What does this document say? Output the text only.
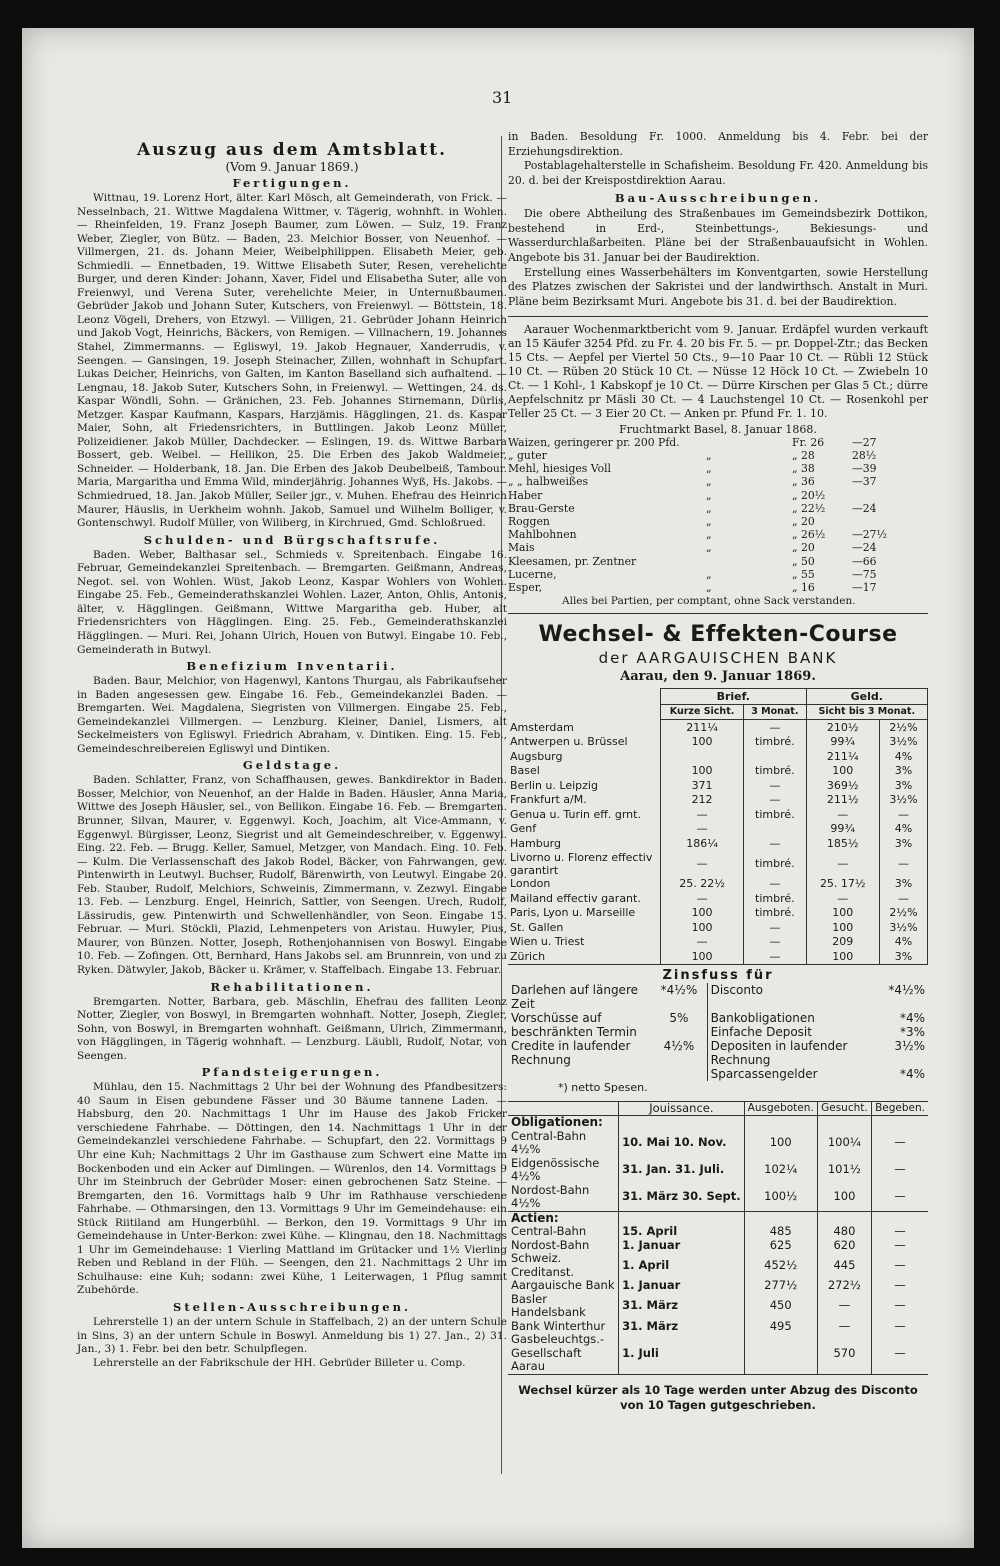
31

Auszug aus dem Amtsblatt.

(Vom 9. Januar 1869.)

Fertigungen.

Wittnau, 19. Lorenz Hort, älter. Karl Mösch, alt Gemeinderath, von Frick. — Nesselnbach, 21. Wittwe Magdalena Wittmer, v. Tägerig, wohnhft. in Wohlen. — Rheinfelden, 19. Franz Joseph Baumer, zum Löwen. — Sulz, 19. Franz Weber, Ziegler, von Bütz. — Baden, 23. Melchior Bosser, von Neuenhof. — Villmergen, 21. ds. Johann Meier, Weibelphilippen. Elisabeth Meier, geb. Schmiedli. — Ennetbaden, 19. Wittwe Elisabeth Suter, Resen, verehelichte Burger, und deren Kinder: Johann, Xaver, Fidel und Elisabetha Suter, alle von Freienwyl, und Verena Suter, verehelichte Meier, in Unternußbaumen. Gebrüder Jakob und Johann Suter, Kutschers, von Freienwyl. — Böttstein, 18. Leonz Vögeli, Drehers, von Etzwyl. — Villigen, 21. Gebrüder Johann Heinrich und Jakob Vogt, Heinrichs, Bäckers, von Remigen. — Villnachern, 19. Johannes Stahel, Zimmermanns. — Egliswyl, 19. Jakob Hegnauer, Xanderrudis, v. Seengen. — Gansingen, 19. Joseph Steinacher, Zillen, wohnhaft in Schupfart. Lukas Deicher, Heinrichs, von Galten, im Kanton Baselland sich aufhaltend. — Lengnau, 18. Jakob Suter, Kutschers Sohn, in Freienwyl. — Wettingen, 24. ds. Kaspar Wöndli, Sohn. — Gränichen, 23. Feb. Johannes Stirnemann, Dürlis, Metzger. Kaspar Kaufmann, Kaspars, Harzjämis. Hägglingen, 21. ds. Kaspar Maier, Sohn, alt Friedensrichters, in Buttlingen. Jakob Leonz Müller, Polizeidiener. Jakob Müller, Dachdecker. — Eslingen, 19. ds. Wittwe Barbara Bossert, geb. Weibel. — Hellikon, 25. Die Erben des Jakob Waldmeier, Schneider. — Holderbank, 18. Jan. Die Erben des Jakob Deubelbeiß, Tambour. Maria, Margaritha und Emma Wild, minderjährig. Johannes Wyß, Hs. Jakobs. — Schmiedrued, 18. Jan. Jakob Müller, Seiler jgr., v. Muhen. Ehefrau des Heinrich Maurer, Häuslis, in Uerkheim wohnh. Jakob, Samuel und Wilhelm Bolliger, v. Gontenschwyl. Rudolf Müller, von Wiliberg, in Kirchrued, Gmd. Schloßrued.

Schulden- und Bürgschaftsrufe.

Baden. Weber, Balthasar sel., Schmieds v. Spreitenbach. Eingabe 16. Februar, Gemeindekanzlei Spreitenbach. — Bremgarten. Geißmann, Andreas, Negot. sel. von Wohlen. Wüst, Jakob Leonz, Kaspar Wohlers von Wohlen. Eingabe 25. Feb., Gemeinderathskanzlei Wohlen. Lazer, Anton, Ohlis, Antonis, älter, v. Hägglingen. Geißmann, Wittwe Margaritha geb. Huber, alt Friedensrichters von Hägglingen. Eing. 25. Feb., Gemeinderathskanzlei Hägglingen. — Muri. Rei, Johann Ulrich, Houen von Butwyl. Eingabe 10. Feb., Gemeinderath in Butwyl.

Benefizium Inventarii.

Baden. Baur, Melchior, von Hagenwyl, Kantons Thurgau, als Fabrikaufseher in Baden angesessen gew. Eingabe 16. Feb., Gemeindekanzlei Baden. — Bremgarten. Wei. Magdalena, Siegristen von Villmergen. Eingabe 25. Feb., Gemeindekanzlei Villmergen. — Lenzburg. Kleiner, Daniel, Lismers, alt Seckelmeisters von Egliswyl. Friedrich Abraham, v. Dintiken. Eing. 15. Feb., Gemeindeschreibereien Egliswyl und Dintiken.

Geldstage.

Baden. Schlatter, Franz, von Schaffhausen, gewes. Bankdirektor in Baden. Bosser, Melchior, von Neuenhof, an der Halde in Baden. Häusler, Anna Maria, Wittwe des Joseph Häusler, sel., von Bellikon. Eingabe 16. Feb. — Bremgarten. Brunner, Silvan, Maurer, v. Eggenwyl. Koch, Joachim, alt Vice-Ammann, v. Eggenwyl. Bürgisser, Leonz, Siegrist und alt Gemeindeschreiber, v. Eggenwyl. Eing. 22. Feb. — Brugg. Keller, Samuel, Metzger, von Mandach. Eing. 10. Feb. — Kulm. Die Verlassenschaft des Jakob Rodel, Bäcker, von Fahrwangen, gew. Pintenwirth in Leutwyl. Buchser, Rudolf, Bärenwirth, von Leutwyl. Eingabe 20. Feb. Stauber, Rudolf, Melchiors, Schweinis, Zimmermann, v. Zezwyl. Eingabe 13. Feb. — Lenzburg. Engel, Heinrich, Sattler, von Seengen. Urech, Rudolf, Lässirudis, gew. Pintenwirth und Schwellenhändler, von Seon. Eingabe 15. Februar. — Muri. Stöckli, Plazid, Lehmenpeters von Aristau. Huwyler, Pius, Maurer, von Bünzen. Notter, Joseph, Rothenjohannisen von Boswyl. Eingabe 10. Feb. — Zofingen. Ott, Bernhard, Hans Jakobs sel. am Brunnrein, von und zu Ryken. Dätwyler, Jakob, Bäcker u. Krämer, v. Staffelbach. Eingabe 13. Februar.

Rehabilitationen.

Bremgarten. Notter, Barbara, geb. Mäschlin, Ehefrau des falliten Leonz Notter, Ziegler, von Boswyl, in Bremgarten wohnhaft. Notter, Joseph, Ziegler, Sohn, von Boswyl, in Bremgarten wohnhaft. Geißmann, Ulrich, Zimmermann, von Hägglingen, in Tägerig wohnhaft. — Lenzburg. Läubli, Rudolf, Notar, von Seengen.

Pfandsteigerungen.

Mühlau, den 15. Nachmittags 2 Uhr bei der Wohnung des Pfandbesitzers: 40 Saum in Eisen gebundene Fässer und 30 Bäume tannene Laden. — Habsburg, den 20. Nachmittags 1 Uhr im Hause des Jakob Fricker verschiedene Fahrhabe. — Döttingen, den 14. Nachmittags 1 Uhr in der Gemeindekanzlei verschiedene Fahrhabe. — Schupfart, den 22. Vormittags 9 Uhr eine Kuh; Nachmittags 2 Uhr im Gasthause zum Schwert eine Matte im Bockenboden und ein Acker auf Dimlingen. — Würenlos, den 14. Vormittags 9 Uhr im Steinbruch der Gebrüder Moser: einen gebrochenen Satz Steine. — Bremgarten, den 16. Vormittags halb 9 Uhr im Rathhause verschiedene Fahrhabe. — Othmarsingen, den 13. Vormittags 9 Uhr im Gemeindehause: ein Stück Riitiland am Hungerbühl. — Berkon, den 19. Vormittags 9 Uhr im Gemeindehause in Unter-Berkon: zwei Kühe. — Klingnau, den 18. Nachmittags 1 Uhr im Gemeindehause: 1 Vierling Mattland im Grütacker und 1½ Vierling Reben und Rebland in der Flüh. — Seengen, den 21. Nachmittags 2 Uhr im Schulhause: eine Kuh; sodann: zwei Kühe, 1 Leiterwagen, 1 Pflug sammt Zubehörde.

Stellen-Ausschreibungen.

Lehrerstelle 1) an der untern Schule in Staffelbach, 2) an der untern Schule in Sins, 3) an der untern Schule in Boswyl. Anmeldung bis 1) 27. Jan., 2) 31. Jan., 3) 1. Febr. bei den betr. Schulpflegen.

Lehrerstelle an der Fabrikschule der HH. Gebrüder Billeter u. Comp.

in Baden. Besoldung Fr. 1000. Anmeldung bis 4. Febr. bei der Erziehungsdirektion.

Postablagehalterstelle in Schafisheim. Besoldung Fr. 420. Anmeldung bis 20. d. bei der Kreispostdirektion Aarau.

Bau-Ausschreibungen.

Die obere Abtheilung des Straßenbaues im Gemeindsbezirk Dottikon, bestehend in Erd-, Steinbettungs-, Bekiesungs- und Wasserdurchlaßarbeiten. Pläne bei der Straßenbauaufsicht in Wohlen. Angebote bis 31. Januar bei der Baudirektion.

Erstellung eines Wasserbehälters im Konventgarten, sowie Herstellung des Platzes zwischen der Sakristei und der landwirthsch. Anstalt in Muri. Pläne beim Bezirksamt Muri. Angebote bis 31. d. bei der Baudirektion.

Aarauer Wochenmarktbericht vom 9. Januar. Erdäpfel wurden verkauft an 15 Käufer 3254 Pfd. zu Fr. 4. 20 bis Fr. 5. — pr. Doppel-Ztr.; das Becken 15 Cts. — Aepfel per Viertel 50 Cts., 9—10 Paar 10 Ct. — Rübli 12 Stück 10 Ct. — Rüben 20 Stück 10 Ct. — Nüsse 12 Höck 10 Ct. — Zwiebeln 10 Ct. — 1 Kohl-, 1 Kabskopf je 10 Ct. — Dürre Kirschen per Glas 5 Ct.; dürre Aepfelschnitz pr Mäsli 30 Ct. — 4 Lauchstengel 10 Ct. — Rosenkohl per Teller 25 Ct. — 3 Eier 20 Ct. — Anken pr. Pfund Fr. 1. 10.

Fruchtmarkt Basel, 8. Januar 1868.

Waizen, geringerer pr. 200 Pfd.	Fr. 26	—27
„ guter	„	„ 28	28½
Mehl, hiesiges Voll	„	„ 38	—39
„ „ halbweißes	„	„ 36	—37
Haber	„	„ 20½
Brau-Gerste	„	„ 22½	—24
Roggen	„	„ 20
Mahlbohnen	„	„ 26½	—27½
Mais	„	„ 20	—24
Kleesamen, pr. Zentner	„ 50	—66
Lucerne,	„	„ 55	—75
Esper,	„	„ 16	—17

Alles bei Partien, per comptant, ohne Sack verstanden.

Wechsel- & Effekten-Course

der AARGAUISCHEN BANK

Aarau, den 9. Januar 1869.

	Brief.		Geld.	
	Kurze Sicht.	3 Monat.	Sicht bis 3 Monat.	
Amsterdam	211¼	—	210½	2½%
Antwerpen u. Brüssel	100	timbré.	99¾	3½%
Augsburg			211¼	4%
Basel	100	timbré.	100	3%
Berlin u. Leipzig	371	—	369½	3%
Frankfurt a/M.	212	—	211½	3½%
Genua u. Turin eff. grnt.	—	timbré.	—	—
Genf	—		99¾	4%
Hamburg	186¼	—	185½	3%
Livorno u. Florenz effectiv garantirt	—	timbré.	—	—
London	25. 22½	—	25. 17½	3%
Mailand effectiv garant.	—	timbré.	—	—
Paris, Lyon u. Marseille	100	timbré.	100	2½%
St. Gallen	100	—	100	3½%
Wien u. Triest	—	—	209	4%
Zürich	100	—	100	3%
Zinsfuss für			
Darlehen auf längere Zeit	*4½%	Disconto	*4½%
Vorschüsse auf beschränkten Termin	5%	Bankobligationen	*4%
		Einfache Deposit	*3%
Credite in laufender Rechnung	4½%	Depositen in laufender Rechnung	3½%
		Sparcassengelder	*4%
*) netto Spesen.			
	Jouissance.	Ausgeboten.	Gesucht.	Begeben.
Obligationen:				
Central-Bahn 4½%	10. Mai 10. Nov.	100	100¼	—
Eidgenössische 4½%	31. Jan. 31. Juli.	102¼	101½	—
Nordost-Bahn 4½%	31. März 30. Sept.	100½	100	—
Actien:				
Central-Bahn	15. April	485	480	—
Nordost-Bahn	1. Januar	625	620	—
Schweiz. Creditanst.	1. April	452½	445	—
Aargauische Bank	1. Januar	277½	272½	—
Basler Handelsbank	31. März	450	—	—
Bank Winterthur	31. März	495	—	—
Gasbeleuchtgs.-Gesellschaft Aarau	1. Juli		570	—

Wechsel kürzer als 10 Tage werden unter Abzug des Disconto von 10 Tagen gutgeschrieben.
